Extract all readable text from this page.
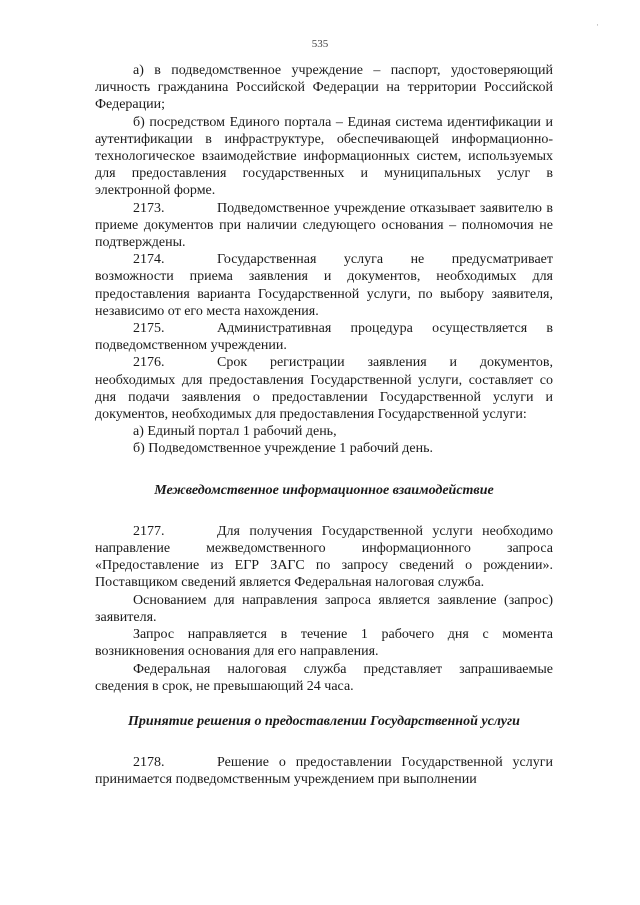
535
·

а) в подведомственное учреждение – паспорт, удостоверяющий личность гражданина Российской Федерации на территории Российской Федерации;

б) посредством Единого портала – Единая система идентификации и аутентификации в инфраструктуре, обеспечивающей информационно-технологическое взаимодействие информационных систем, используемых для предоставления государственных и муниципальных услуг в электронной форме.

2173.	Подведомственное учреждение отказывает заявителю в приеме документов при наличии следующего основания – полномочия не подтверждены.

2174.	Государственная услуга не предусматривает возможности приема заявления и документов, необходимых для предоставления варианта Государственной услуги, по выбору заявителя, независимо от его места нахождения.

2175.	Административная процедура осуществляется в подведомственном учреждении.

2176.	Срок регистрации заявления и документов, необходимых для предоставления Государственной услуги, составляет со дня подачи заявления о предоставлении Государственной услуги и документов, необходимых для предоставления Государственной услуги:

а) Единый портал 1 рабочий день,

б) Подведомственное учреждение 1 рабочий день.

Межведомственное информационное взаимодействие

2177.	Для получения Государственной услуги необходимо направление межведомственного информационного запроса «Предоставление из ЕГР ЗАГС по запросу сведений о рождении». Поставщиком сведений является Федеральная налоговая служба.

Основанием для направления запроса является заявление (запрос) заявителя.

Запрос направляется в течение 1 рабочего дня с момента возникновения основания для его направления.

Федеральная налоговая служба представляет запрашиваемые сведения в срок, не превышающий 24 часа.

Принятие решения о предоставлении Государственной услуги

2178.	Решение о предоставлении Государственной услуги принимается подведомственным учреждением при выполнении
